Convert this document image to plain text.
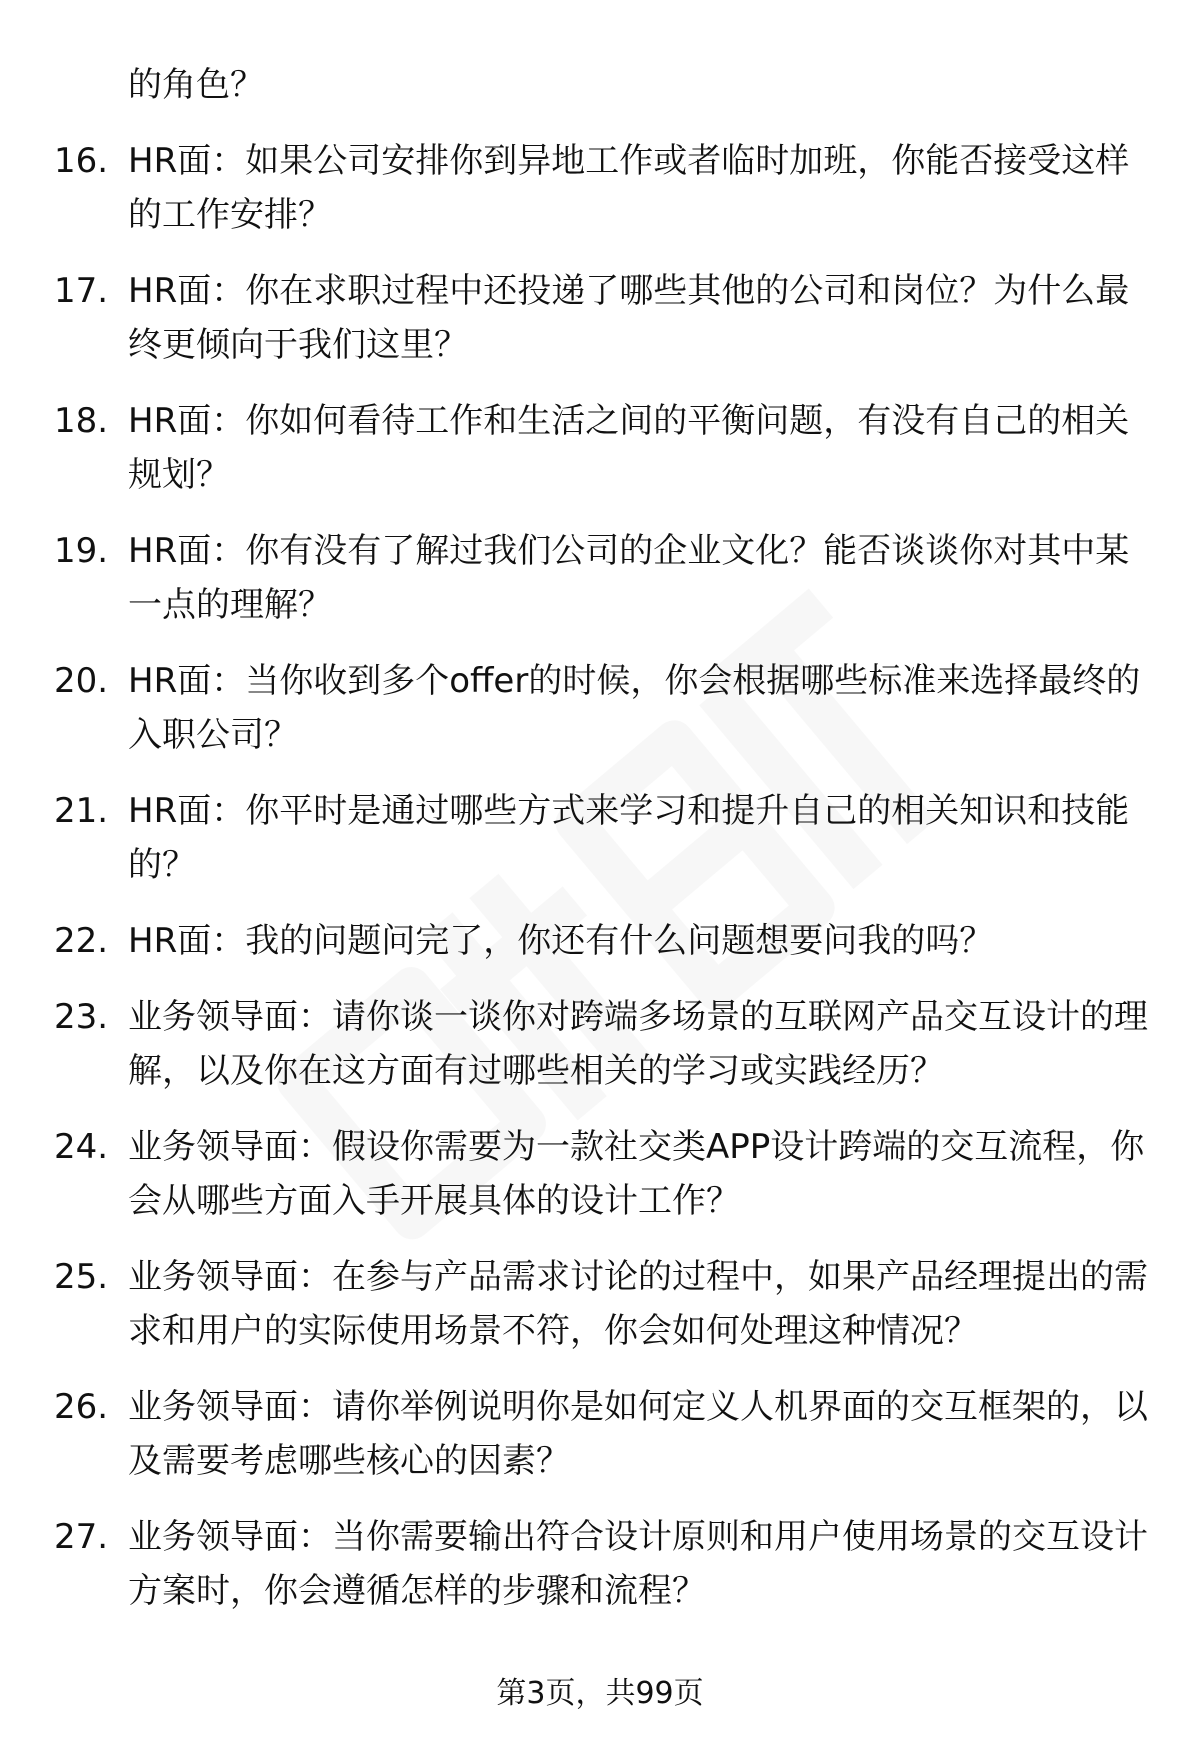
的角色？
16. HR面：如果公司安排你到异地工作或者临时加班，你能否接受这样的工作安排？
17. HR面：你在求职过程中还投递了哪些其他的公司和岗位？为什么最终更倾向于我们这里？
18. HR面：你如何看待工作和生活之间的平衡问题，有没有自己的相关规划？
19. HR面：你有没有了解过我们公司的企业文化？能否谈谈你对其中某一点的理解？
20. HR面：当你收到多个offer的时候，你会根据哪些标准来选择最终的入职公司？
21. HR面：你平时是通过哪些方式来学习和提升自己的相关知识和技能的？
22. HR面：我的问题问完了，你还有什么问题想要问我的吗？
23. 业务领导面：请你谈一谈你对跨端多场景的互联网产品交互设计的理解，以及你在这方面有过哪些相关的学习或实践经历？
24. 业务领导面：假设你需要为一款社交类APP设计跨端的交互流程，你会从哪些方面入手开展具体的设计工作？
25. 业务领导面：在参与产品需求讨论的过程中，如果产品经理提出的需求和用户的实际使用场景不符，你会如何处理这种情况？
26. 业务领导面：请你举例说明你是如何定义人机界面的交互框架的，以及需要考虑哪些核心的因素？
27. 业务领导面：当你需要输出符合设计原则和用户使用场景的交互设计方案时，你会遵循怎样的步骤和流程？
第3页，共99页
